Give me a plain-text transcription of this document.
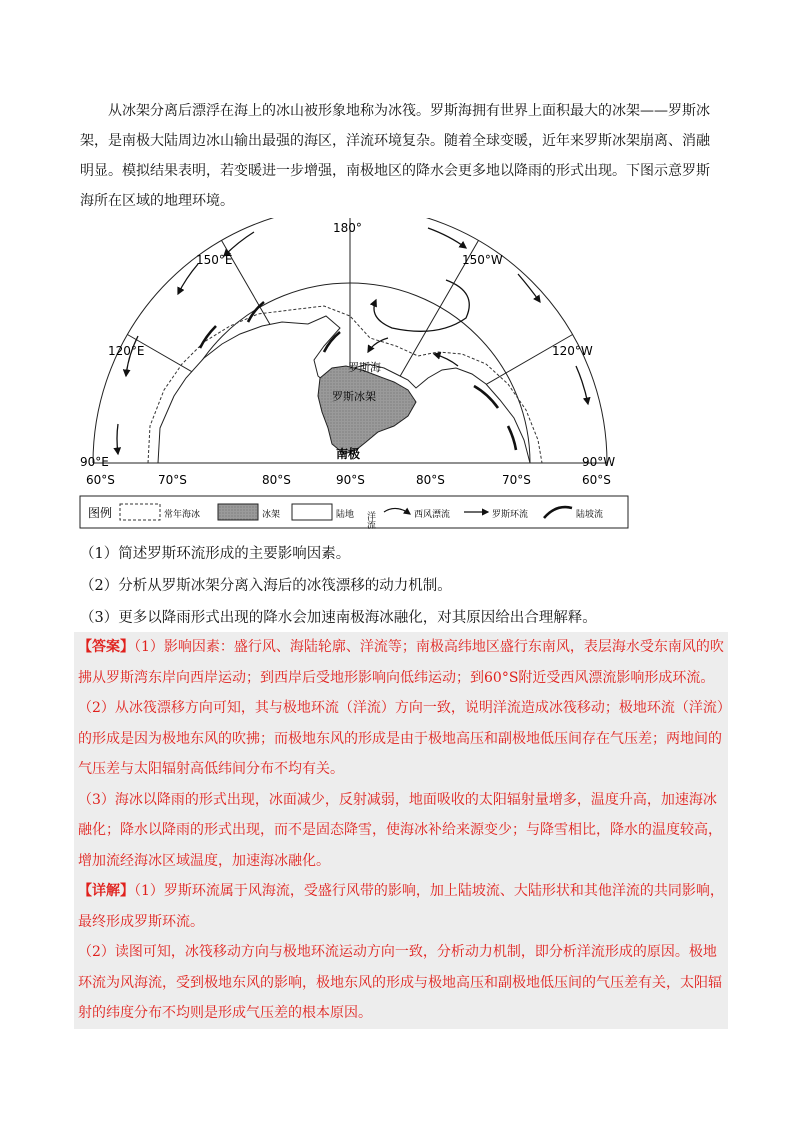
从冰架分离后漂浮在海上的冰山被形象地称为冰筏。罗斯海拥有世界上面积最大的冰架——罗斯冰架，是南极大陆周边冰山输出最强的海区，洋流环境复杂。随着全球变暖，近年来罗斯冰架崩离、消融明显。模拟结果表明，若变暖进一步增强，南极地区的降水会更多地以降雨的形式出现。下图示意罗斯海所在区域的地理环境。

180°
150°E	150°W
120°E	120°W
90°E	90°W
60°S	70°S	80°S	90°S	80°S	70°S	60°S
罗斯海
罗斯冰架
南极
图例	常年海冰	冰架	陆地 洋流	西风漂流	罗斯环流	陆坡流

（1）简述罗斯环流形成的主要影响因素。

（2）分析从罗斯冰架分离入海后的冰筏漂移的动力机制。

（3）更多以降雨形式出现的降水会加速南极海冰融化，对其原因给出合理解释。

【答案】（1）影响因素：盛行风、海陆轮廓、洋流等；南极高纬地区盛行东南风，表层海水受东南风的吹拂从罗斯湾东岸向西岸运动；到西岸后受地形影响向低纬运动；到60°S附近受西风漂流影响形成环流。

（2）从冰筏漂移方向可知，其与极地环流（洋流）方向一致，说明洋流造成冰筏移动；极地环流（洋流）的形成是因为极地东风的吹拂；而极地东风的形成是由于极地高压和副极地低压间存在气压差；两地间的气压差与太阳辐射高低纬间分布不均有关。

（3）海冰以降雨的形式出现，冰面减少，反射减弱，地面吸收的太阳辐射量增多，温度升高，加速海冰融化；降水以降雨的形式出现，而不是固态降雪，使海冰补给来源变少；与降雪相比，降水的温度较高，增加流经海冰区域温度，加速海冰融化。

【详解】（1）罗斯环流属于风海流，受盛行风带的影响，加上陆坡流、大陆形状和其他洋流的共同影响，最终形成罗斯环流。

（2）读图可知，冰筏移动方向与极地环流运动方向一致，分析动力机制，即分析洋流形成的原因。极地环流为风海流，受到极地东风的影响，极地东风的形成与极地高压和副极地低压间的气压差有关，太阳辐射的纬度分布不均则是形成气压差的根本原因。
